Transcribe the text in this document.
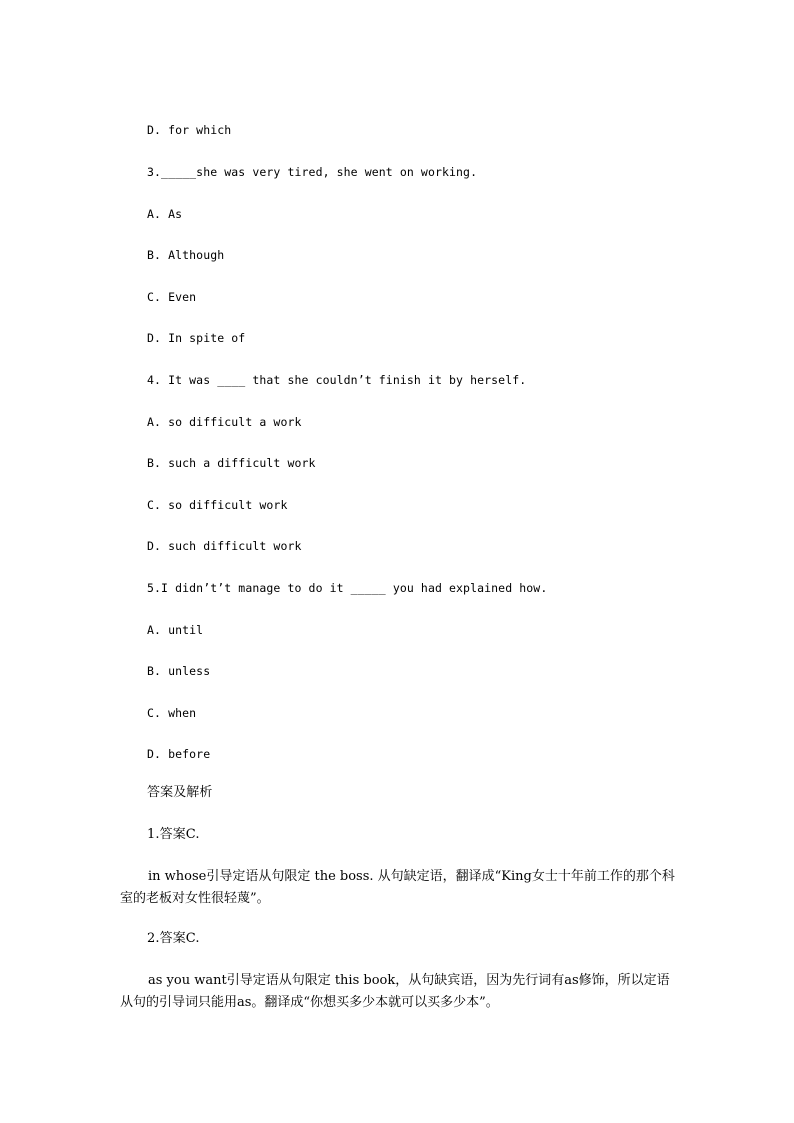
D. for which
3._____she was very tired, she went on working.
A. As
B. Although
C. Even
D. In spite of
4. It was ____ that she couldn’t finish it by herself.
A. so difficult a work
B. such a difficult work
C. so difficult work
D. such difficult work
5.I didn’t’t manage to do it _____ you had explained how.
A. until
B. unless
C. when
D. before
答案及解析
1.答案C.
in whose引导定语从句限定 the boss. 从句缺定语，翻译成“King女士十年前工作的那个科室的老板对女性很轻蔑”。
2.答案C.
as you want引导定语从句限定 this book，从句缺宾语，因为先行词有as修饰，所以定语从句的引导词只能用as。翻译成“你想买多少本就可以买多少本”。
